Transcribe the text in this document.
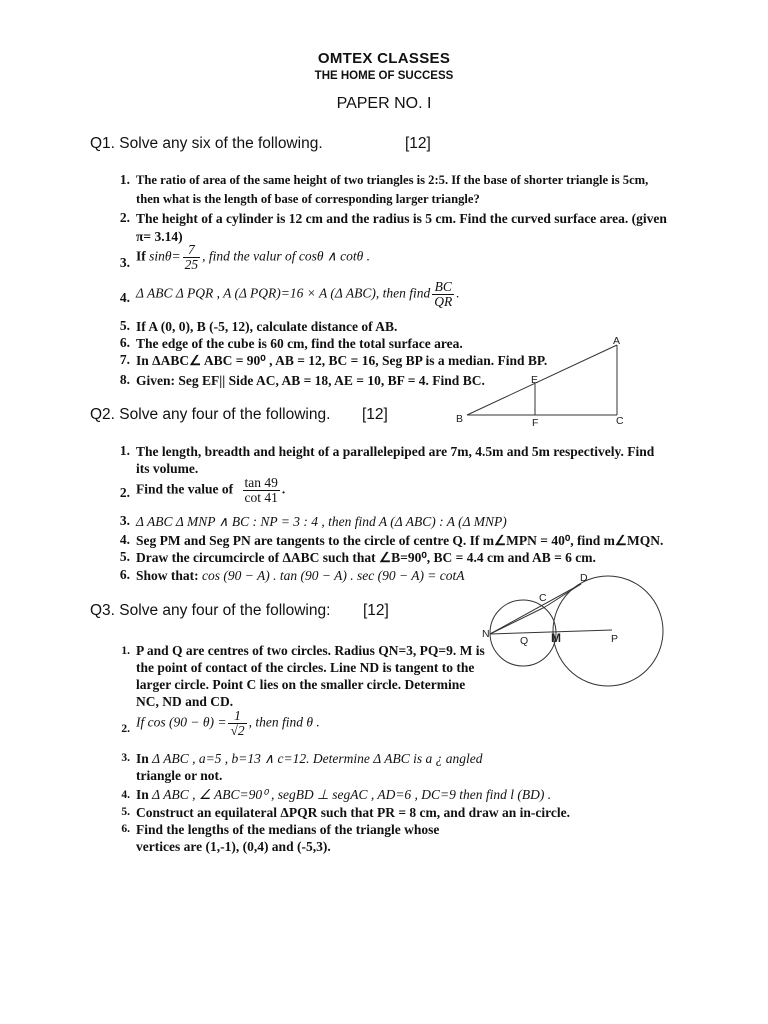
OMTEX CLASSES
THE HOME OF SUCCESS
PAPER NO. I
Q1. Solve any six of the following.	[12]
1. The ratio of area of the same height of two triangles is 2:5. If the base of shorter triangle is 5cm,
then what is the length of base of corresponding larger triangle?
2. The height of a cylinder is 12 cm and the radius is 5 cm. Find the curved surface area. (given
π= 3.14)
3. If $\sin\theta= \frac{7}{25}$ , find the valur of cosθ ∧ cotθ .
4. Δ ABC Δ PQR , A (Δ PQR)=16 × A (Δ ABC), then find $\frac{BC}{QR}$ .
5. If A (0, 0), B (-5, 12), calculate distance of AB.
6. The edge of the cube is 60 cm, find the total surface area.
7. In ΔABC∠ ABC = 90⁰ , AB = 12, BC = 16, Seg BP is a median. Find BP.
8. Given: Seg EF|| Side AC, AB = 18, AE = 10, BF = 4. Find BC.
A
E
B	F	C
Q2. Solve any four of the following. [12]
1. The length, breadth and height of a parallelepiped are 7m, 4.5m and 5m respectively. Find
its volume.
2. Find the value of $\frac{\tan 49}{\cot 41}$ .
3. Δ ABC Δ MNP ∧ BC : NP = 3 : 4 , then find A (Δ ABC) : A (Δ MNP)
4. Seg PM and Seg PN are tangents to the circle of centre Q. If m∠MPN = 40⁰, find m∠MQN.
5. Draw the circumcircle of ΔABC such that ∠B=90⁰, BC = 4.4 cm and AB = 6 cm.
6. Show that: cos (90 − A) . tan (90 − A) . sec (90 − A) = cotA	D
C
N
Q M	P
Q3. Solve any four of the following: [12]
1. P and Q are centres of two circles. Radius QN=3, PQ=9. M is
the point of contact of the circles. Line ND is tangent to the
larger circle. Point C lies on the smaller circle. Determine
NC, ND and CD.
2. If $\cos (90 - \theta) = \frac{1}{√2}$ , then find θ .
3. In Δ ABC , a=5 , b=13 ∧ c=12. Determine Δ ABC is a ¿ angled
triangle or not.
4. In Δ ABC , ∠ ABC=90⁰ , segBD ⊥ segAC , AD=6 , DC=9 then find l (BD) .
5. Construct an equilateral ΔPQR such that PR = 8 cm, and draw an in-circle.
6. Find the lengths of the medians of the triangle whose
vertices are (1,-1), (0,4) and (-5,3).
